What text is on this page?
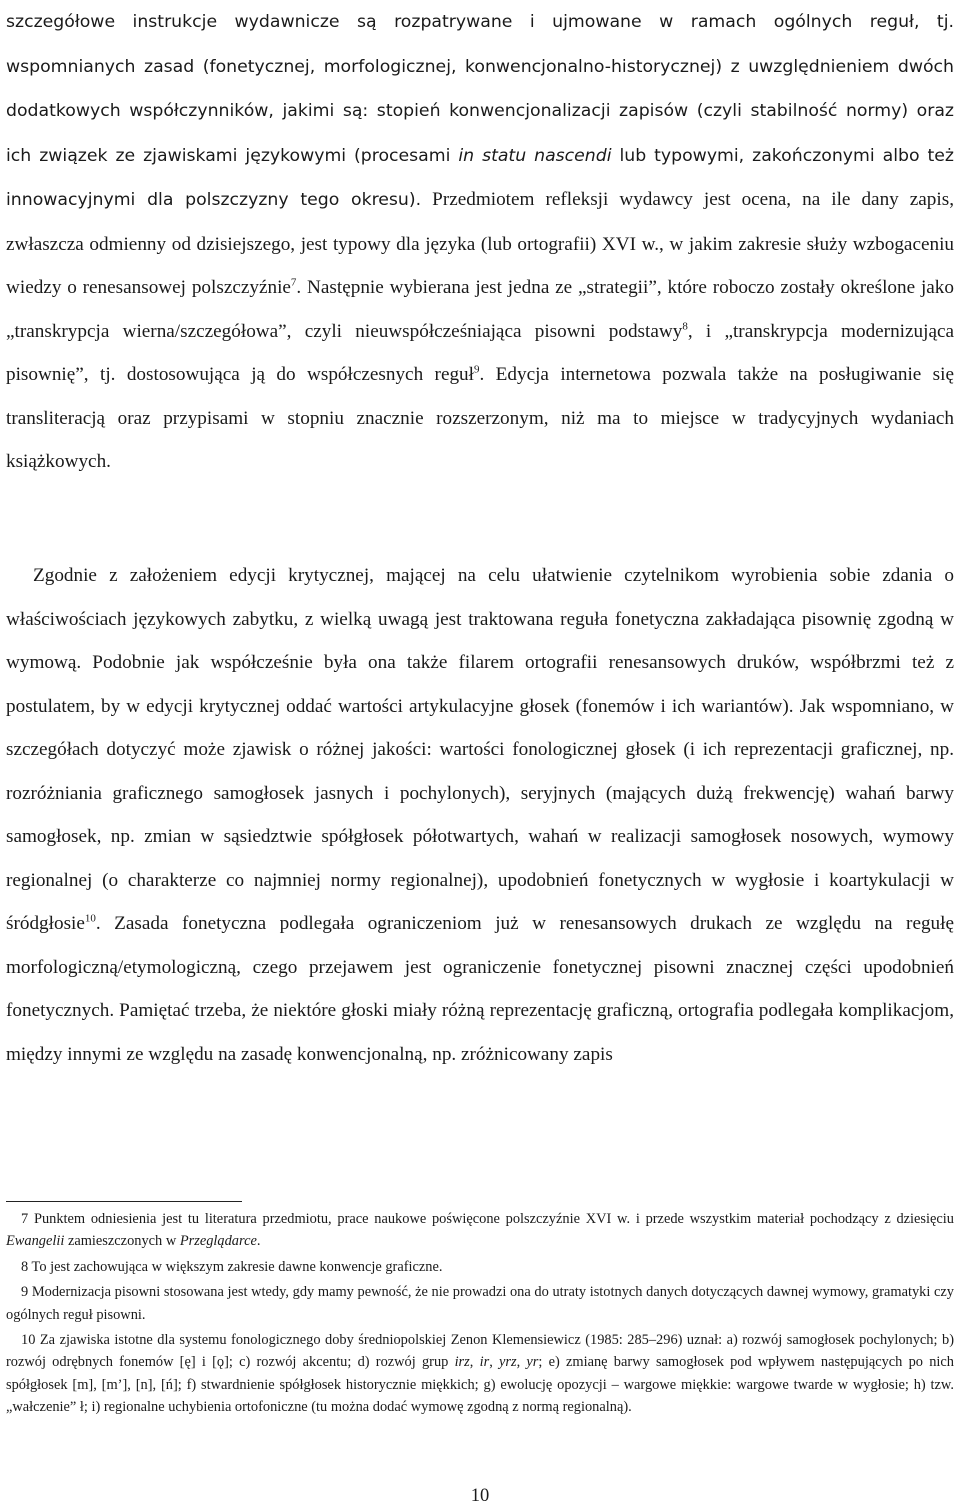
szczegółowe instrukcje wydawnicze są rozpatrywane i ujmowane w ramach ogólnych reguł, tj. wspomnianych zasad (fonetycznej, morfologicznej, konwencjonalno-historycznej) z uwzględnieniem dwóch dodatkowych współczynników, jakimi są: stopień konwencjonalizacji zapisów (czyli stabilność normy) oraz ich związek ze zjawiskami językowymi (procesami in statu nascendi lub typowymi, zakończonymi albo też innowacyjnymi dla polszczyzny tego okresu). Przedmiotem refleksji wydawcy jest ocena, na ile dany zapis, zwłaszcza odmienny od dzisiejszego, jest typowy dla języka (lub ortografii) XVI w., w jakim zakresie służy wzbogaceniu wiedzy o renesansowej polszczyźnie$^7$. Następnie wybierana jest jedna ze „strategii”, które roboczo zostały określone jako „transkrypcja wierna/szczegółowa”, czyli nieuwspółcześniająca pisowni podstawy$^8$, i „transkrypcja modernizująca pisownię”, tj. dostosowująca ją do współczesnych reguł$^9$. Edycja internetowa pozwala także na posługiwanie się transliteracją oraz przypisami w stopniu znacznie rozszerzonym, niż ma to miejsce w tradycyjnych wydaniach książkowych.

Zgodnie z założeniem edycji krytycznej, mającej na celu ułatwienie czytelnikom wyrobienia sobie zdania o właściwościach językowych zabytku, z wielką uwagą jest traktowana reguła fonetyczna zakładająca pisownię zgodną w wymową. Podobnie jak współcześnie była ona także filarem ortografii renesansowych druków, współbrzmi też z postulatem, by w edycji krytycznej oddać wartości artykulacyjne głosek (fonemów i ich wariantów). Jak wspomniano, w szczegółach dotyczyć może zjawisk o różnej jakości: wartości fonologicznej głosek (i ich reprezentacji graficznej, np. rozróżniania graficznego samogłosek jasnych i pochylonych), seryjnych (mających dużą frekwencję) wahań barwy samogłosek, np. zmian w sąsiedztwie spółgłosek półotwartych, wahań w realizacji samogłosek nosowych, wymowy regionalnej (o charakterze co najmniej normy regionalnej), upodobnień fonetycznych w wygłosie i koartykulacji w śródgłosie$^{10}$. Zasada fonetyczna podlegała ograniczeniom już w renesansowych drukach ze względu na regułę morfologiczną/etymologiczną, czego przejawem jest ograniczenie fonetycznej pisowni znacznej części upodobnień fonetycznych. Pamiętać trzeba, że niektóre głoski miały różną reprezentację graficzną, ortografia podlegała komplikacjom, między innymi ze względu na zasadę konwencjonalną, np. zróżnicowany zapis

7 Punktem odniesienia jest tu literatura przedmiotu, prace naukowe poświęcone polszczyźnie XVI w. i przede wszystkim materiał pochodzący z dziesięciu Ewangelii zamieszczonych w Przeglądarce.

8 To jest zachowująca w większym zakresie dawne konwencje graficzne.

9 Modernizacja pisowni stosowana jest wtedy, gdy mamy pewność, że nie prowadzi ona do utraty istotnych danych dotyczących dawnej wymowy, gramatyki czy ogólnych reguł pisowni.

10 Za zjawiska istotne dla systemu fonologicznego doby średniopolskiej Zenon Klemensiewicz (1985: 285–296) uznał: a) rozwój samogłosek pochylonych; b) rozwój odrębnych fonemów [ę] i [ǫ]; c) rozwój akcentu; d) rozwój grup irz, ir, yrz, yr; e) zmianę barwy samogłosek pod wpływem następujących po nich spółgłosek [m], [m’], [n], [ń]; f) stwardnienie spółgłosek historycznie miękkich; g) ewolucję opozycji – wargowe miękkie: wargowe twarde w wygłosie; h) tzw. „wałczenie” ł; i) regionalne uchybienia ortofoniczne (tu można dodać wymowę zgodną z normą regionalną).

10
